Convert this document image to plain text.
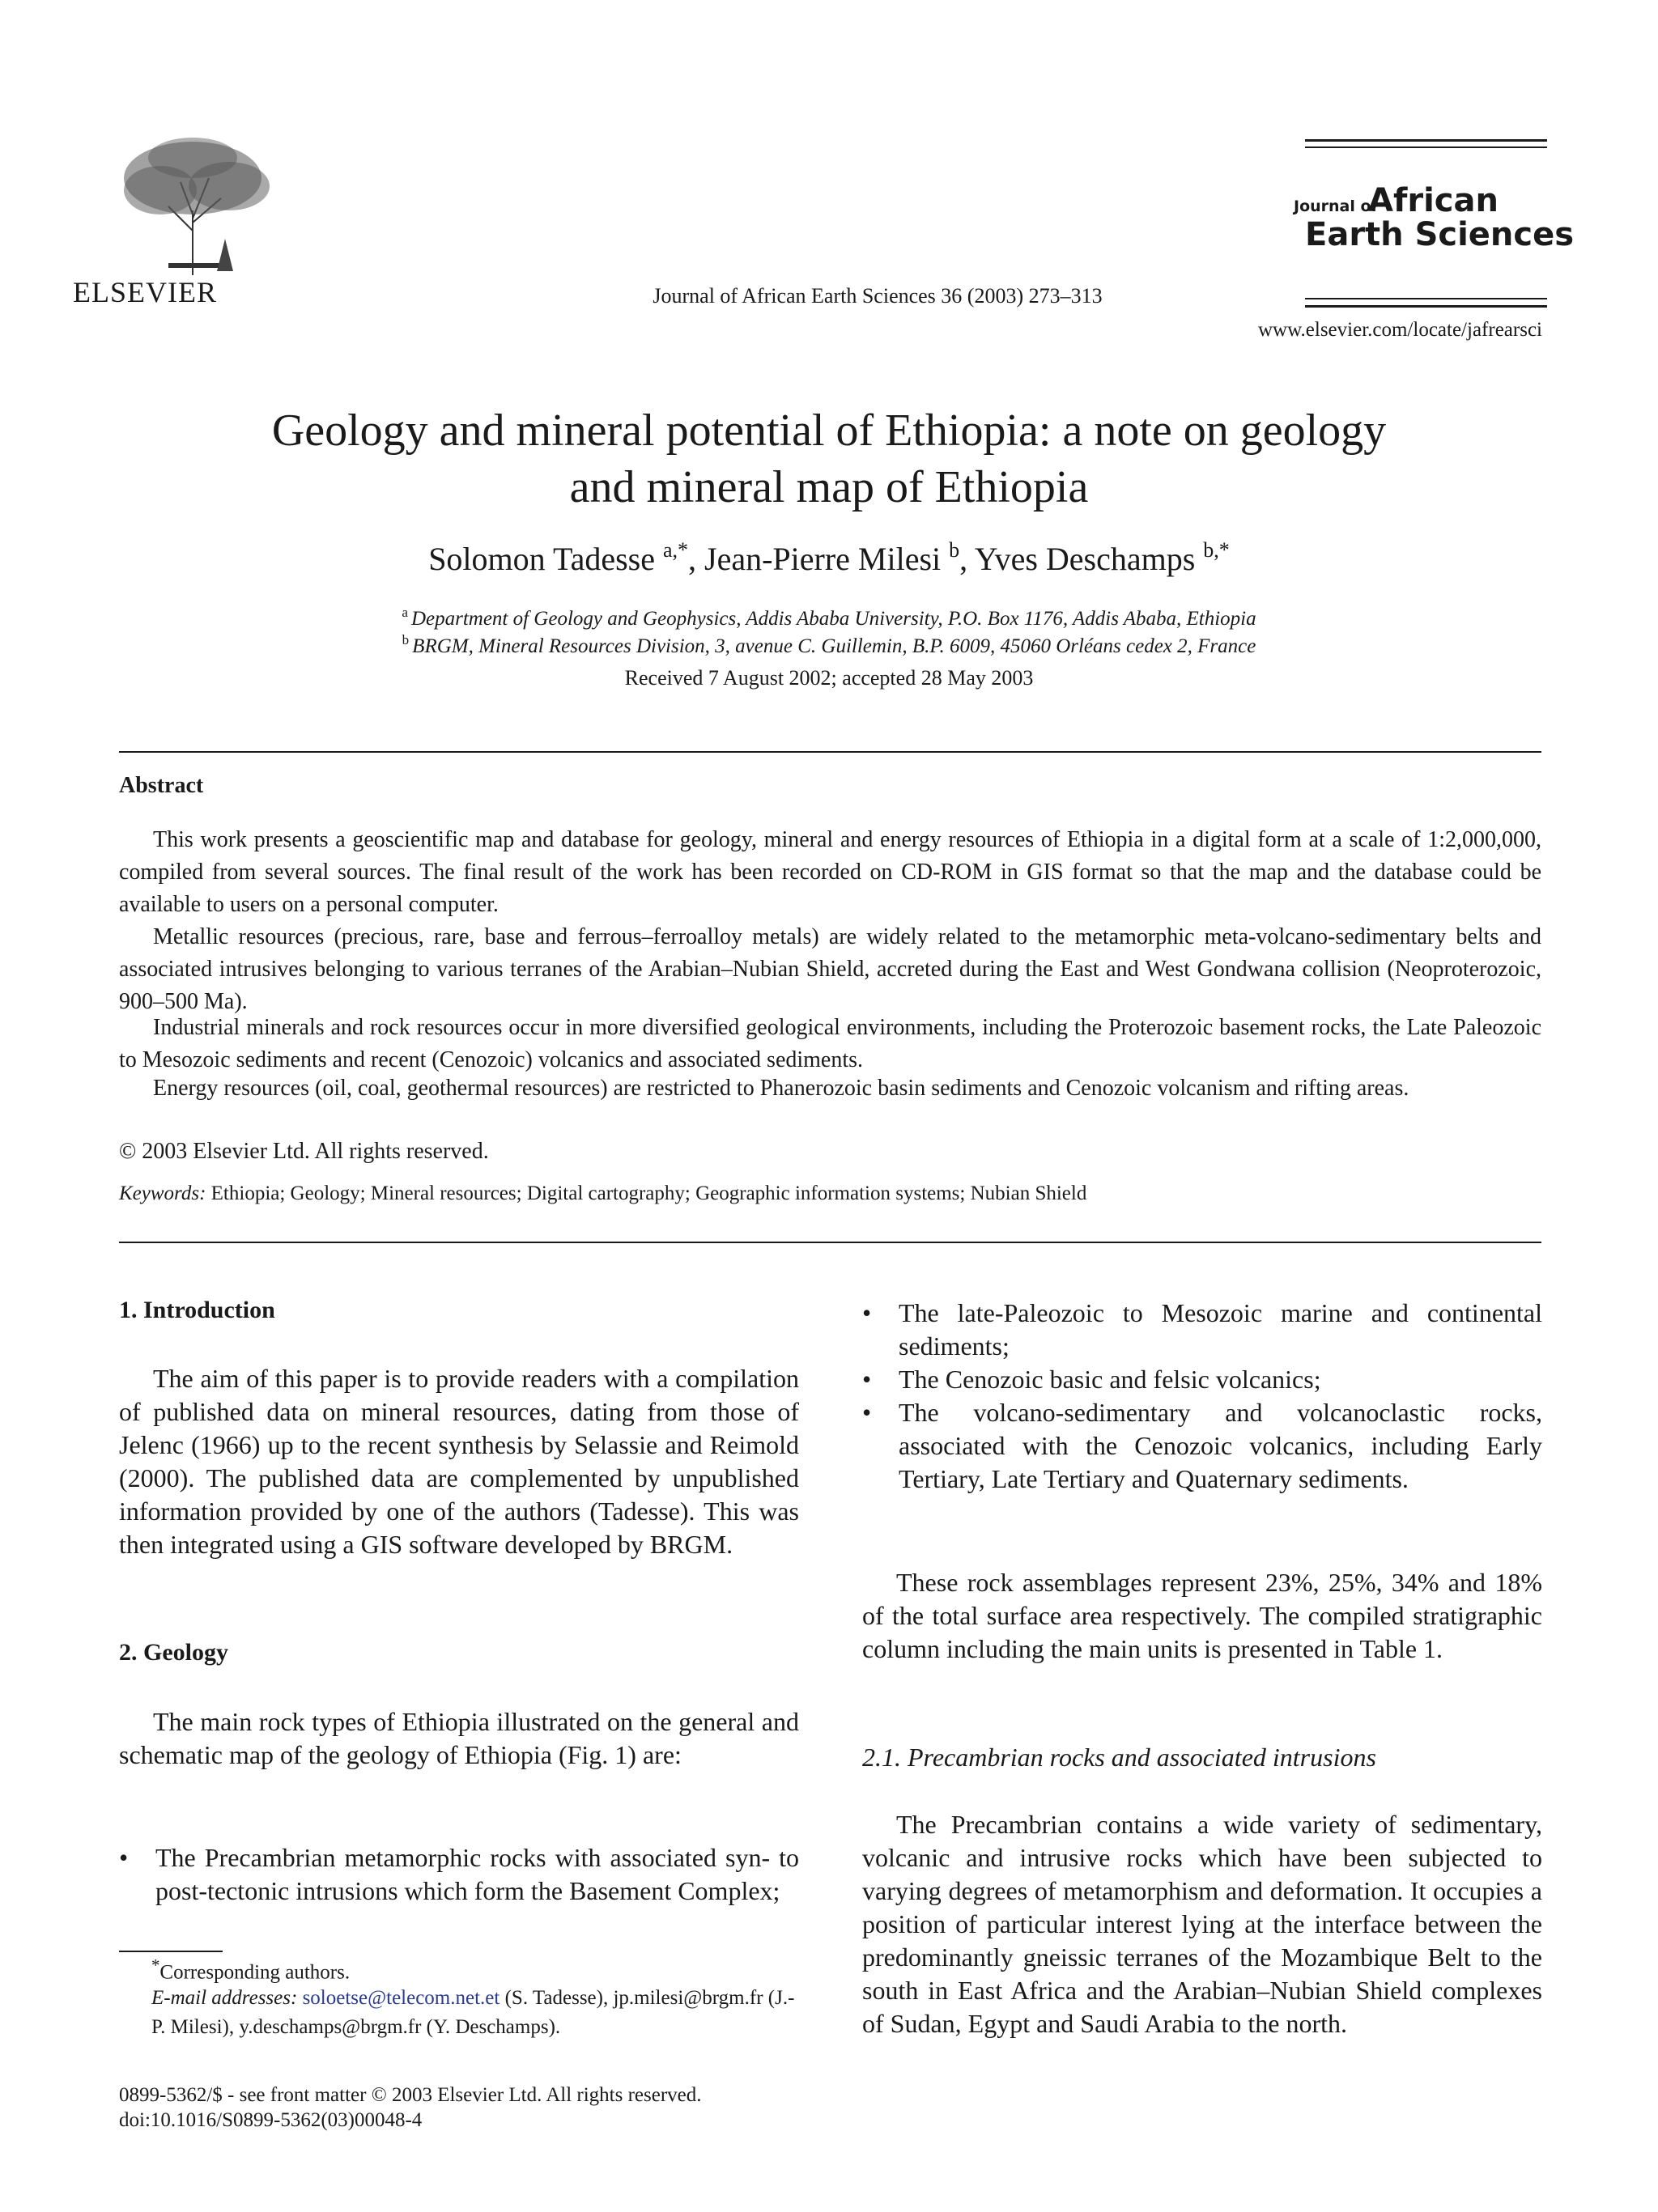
ELSEVIER	Journal of African Earth Sciences 36 (2003) 273–313
Journal of
African
Earth Sciences
www.elsevier.com/locate/jafrearsci
Geology and mineral potential of Ethiopia: a note on geology
and mineral map of Ethiopia
Solomon Tadesse $^{a,*}$, Jean-Pierre Milesi $^b$, Yves Deschamps $^{b,*}$
$^a$ Department of Geology and Geophysics, Addis Ababa University, P.O. Box 1176, Addis Ababa, Ethiopia
$^b$ BRGM, Mineral Resources Division, 3, avenue C. Guillemin, B.P. 6009, 45060 Orléans cedex 2, France
Received 7 August 2002; accepted 28 May 2003
Abstract
This work presents a geoscientific map and database for geology, mineral and energy resources of Ethiopia in a digital form at a scale of 1:2,000,000, compiled from several sources. The final result of the work has been recorded on CD-ROM in GIS format so that the map and the database could be available to users on a personal computer.
Metallic resources (precious, rare, base and ferrous–ferroalloy metals) are widely related to the metamorphic meta-volcano-sedimentary belts and associated intrusives belonging to various terranes of the Arabian–Nubian Shield, accreted during the East and West Gondwana collision (Neoproterozoic, 900–500 Ma).
Industrial minerals and rock resources occur in more diversified geological environments, including the Proterozoic basement rocks, the Late Paleozoic to Mesozoic sediments and recent (Cenozoic) volcanics and associated sediments.
Energy resources (oil, coal, geothermal resources) are restricted to Phanerozoic basin sediments and Cenozoic volcanism and rifting areas.
© 2003 Elsevier Ltd. All rights reserved.
Keywords: Ethiopia; Geology; Mineral resources; Digital cartography; Geographic information systems; Nubian Shield
1. Introduction
The aim of this paper is to provide readers with a compilation of published data on mineral resources, dating from those of Jelenc (1966) up to the recent synthesis by Selassie and Reimold (2000). The published data are complemented by unpublished information provided by one of the authors (Tadesse). This was then integrated using a GIS software developed by BRGM.
2. Geology
The main rock types of Ethiopia illustrated on the general and schematic map of the geology of Ethiopia (Fig. 1) are:
• The Precambrian metamorphic rocks with associated syn- to post-tectonic intrusions which form the Basement Complex;
• The late-Paleozoic to Mesozoic marine and continental sediments;
• The Cenozoic basic and felsic volcanics;
• The volcano-sedimentary and volcanoclastic rocks, associated with the Cenozoic volcanics, including Early Tertiary, Late Tertiary and Quaternary sediments.
These rock assemblages represent 23%, 25%, 34% and 18% of the total surface area respectively. The compiled stratigraphic column including the main units is presented in Table 1.
2.1. Precambrian rocks and associated intrusions
The Precambrian contains a wide variety of sedimentary, volcanic and intrusive rocks which have been subjected to varying degrees of metamorphism and deformation. It occupies a position of particular interest lying at the interface between the predominantly gneissic terranes of the Mozambique Belt to the south in East Africa and the Arabian–Nubian Shield complexes of Sudan, Egypt and Saudi Arabia to the north.
*Corresponding authors.
E-mail addresses: soloetse@telecom.net.et (S. Tadesse), jp.milesi@brgm.fr (J.-P. Milesi), y.deschamps@brgm.fr (Y. Deschamps).
0899-5362/$ - see front matter © 2003 Elsevier Ltd. All rights reserved.
doi:10.1016/S0899-5362(03)00048-4
